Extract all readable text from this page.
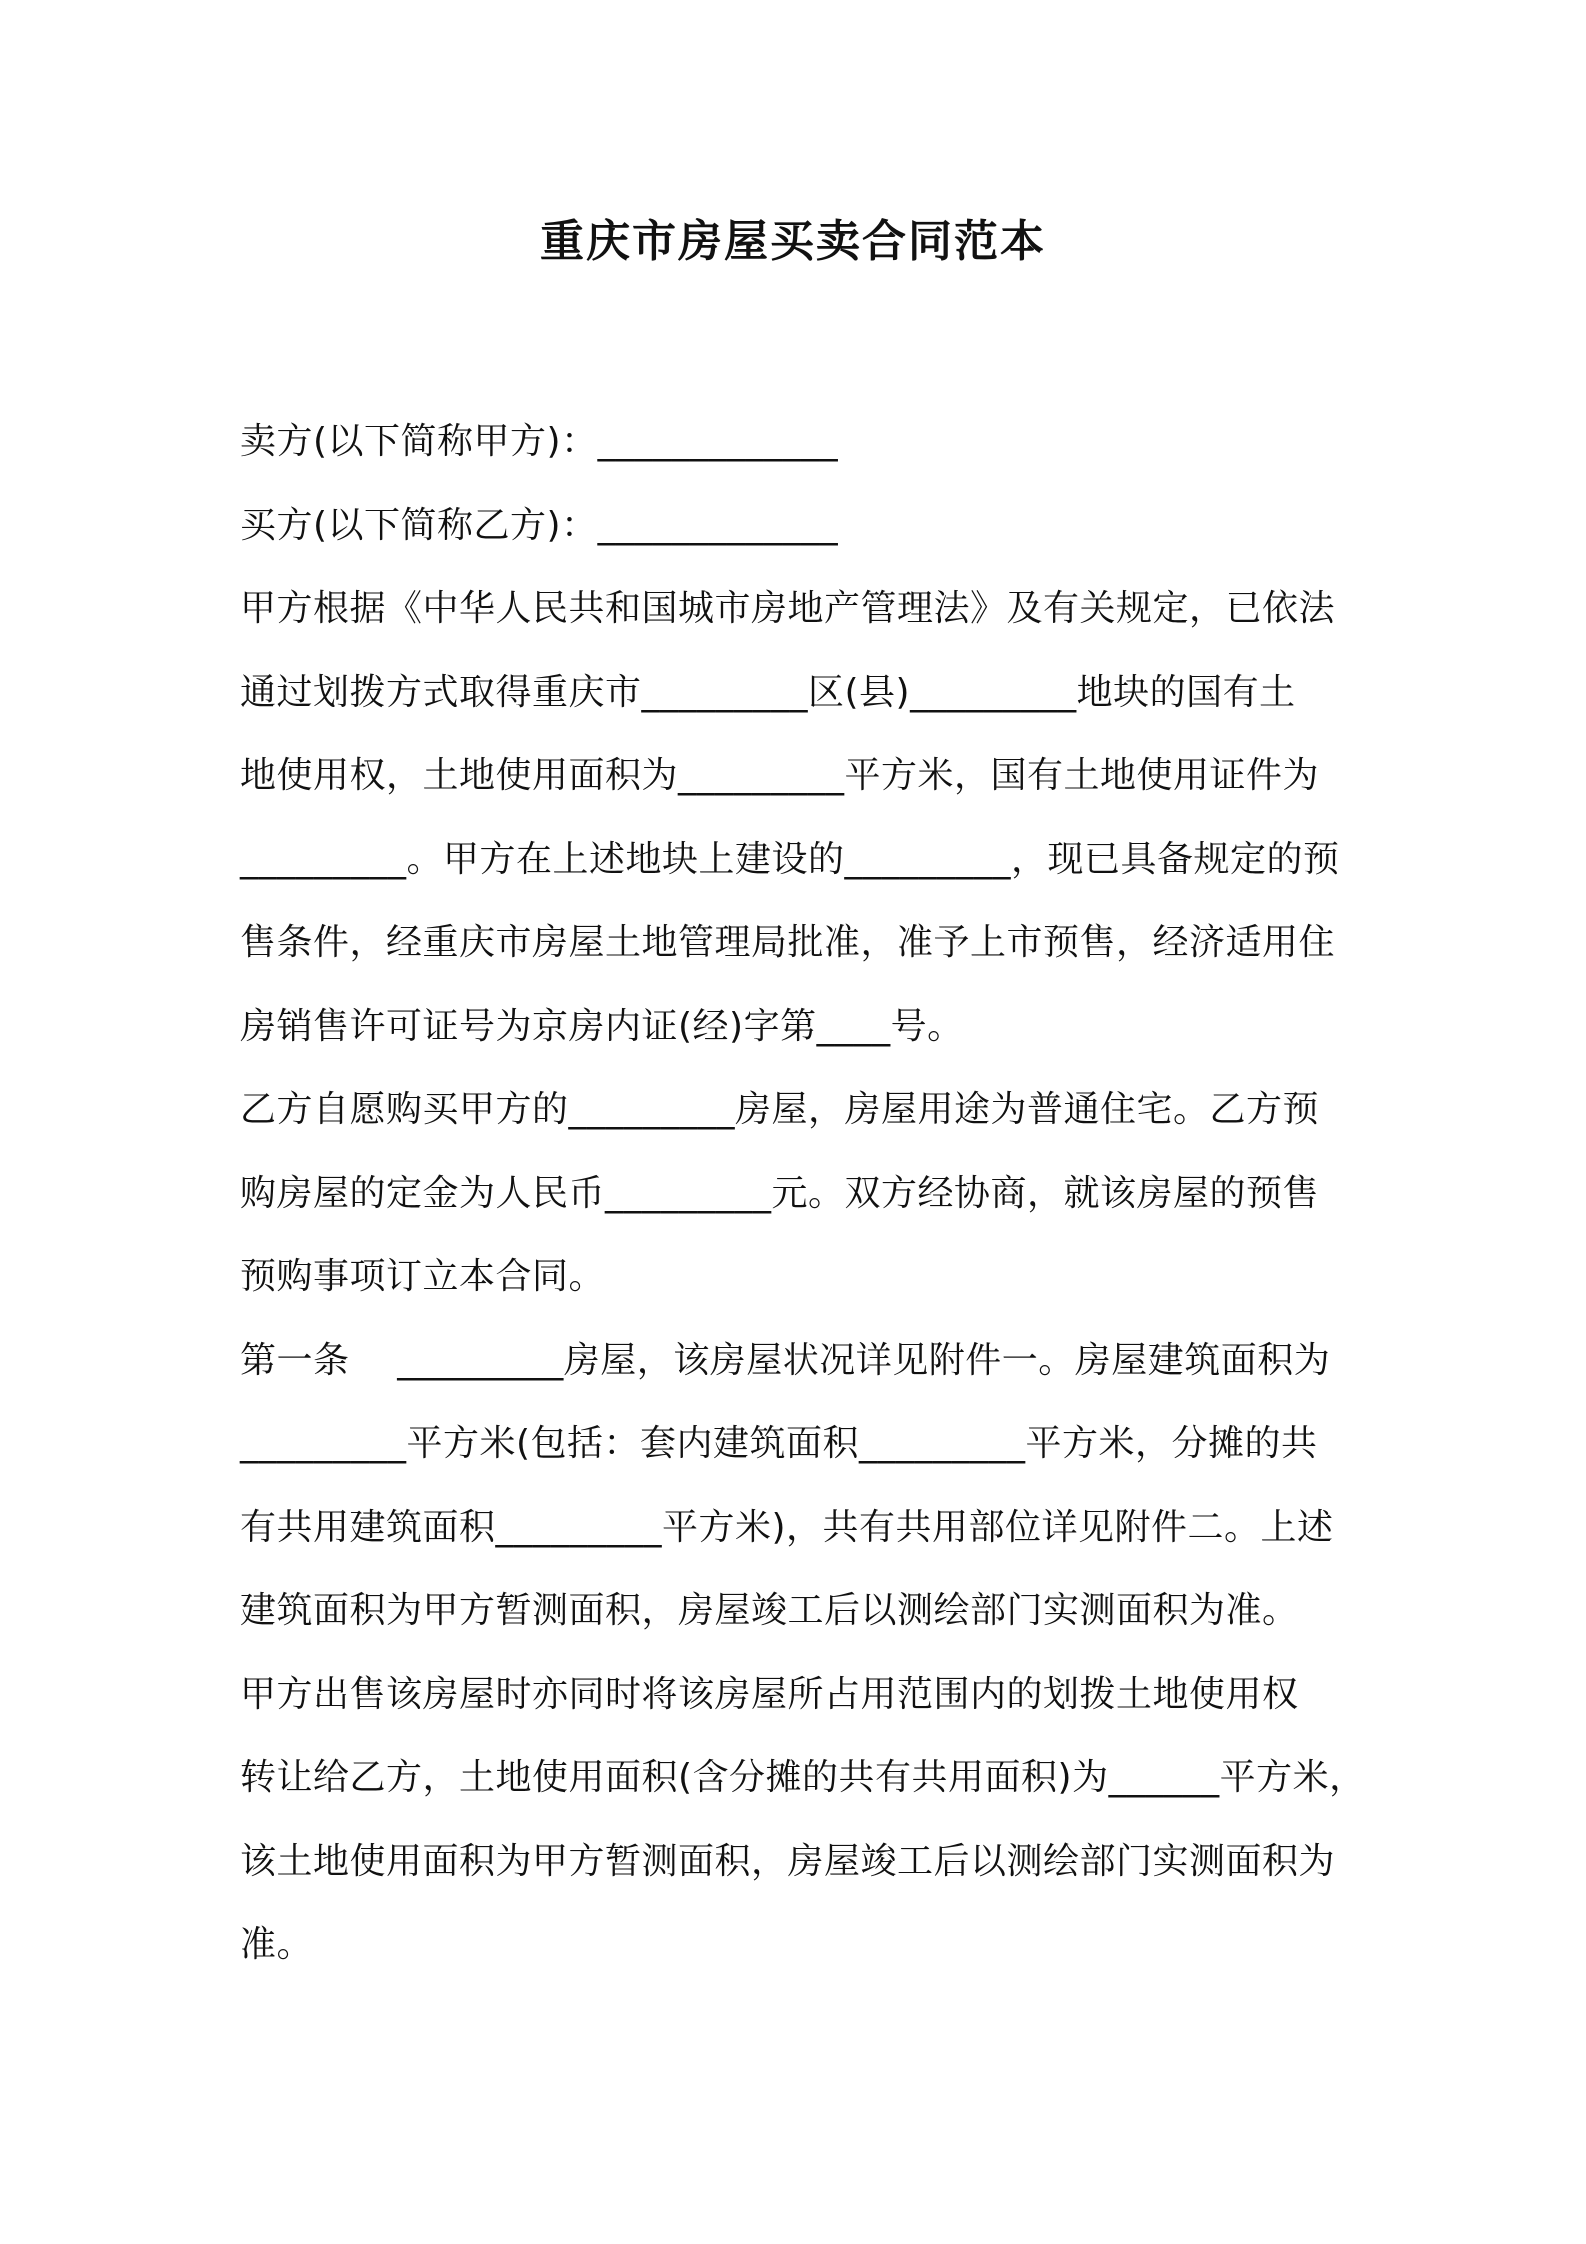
重庆市房屋买卖合同范本
卖方(以下简称甲方)：_____________
买方(以下简称乙方)：_____________
甲方根据《中华人民共和国城市房地产管理法》及有关规定，已依法
通过划拨方式取得重庆市_________区(县)_________地块的国有土
地使用权，土地使用面积为_________平方米，国有土地使用证件为
_________。甲方在上述地块上建设的_________，现已具备规定的预
售条件，经重庆市房屋土地管理局批准，准予上市预售，经济适用住
房销售许可证号为京房内证(经)字第____号。
乙方自愿购买甲方的_________房屋，房屋用途为普通住宅。乙方预
购房屋的定金为人民币_________元。双方经协商，就该房屋的预售
预购事项订立本合同。
第一条    _________房屋，该房屋状况详见附件一。房屋建筑面积为
_________平方米(包括：套内建筑面积_________平方米，分摊的共
有共用建筑面积_________平方米)，共有共用部位详见附件二。上述
建筑面积为甲方暂测面积，房屋竣工后以测绘部门实测面积为准。
甲方出售该房屋时亦同时将该房屋所占用范围内的划拨土地使用权
转让给乙方，土地使用面积(含分摊的共有共用面积)为______平方米，
该土地使用面积为甲方暂测面积，房屋竣工后以测绘部门实测面积为
准。
